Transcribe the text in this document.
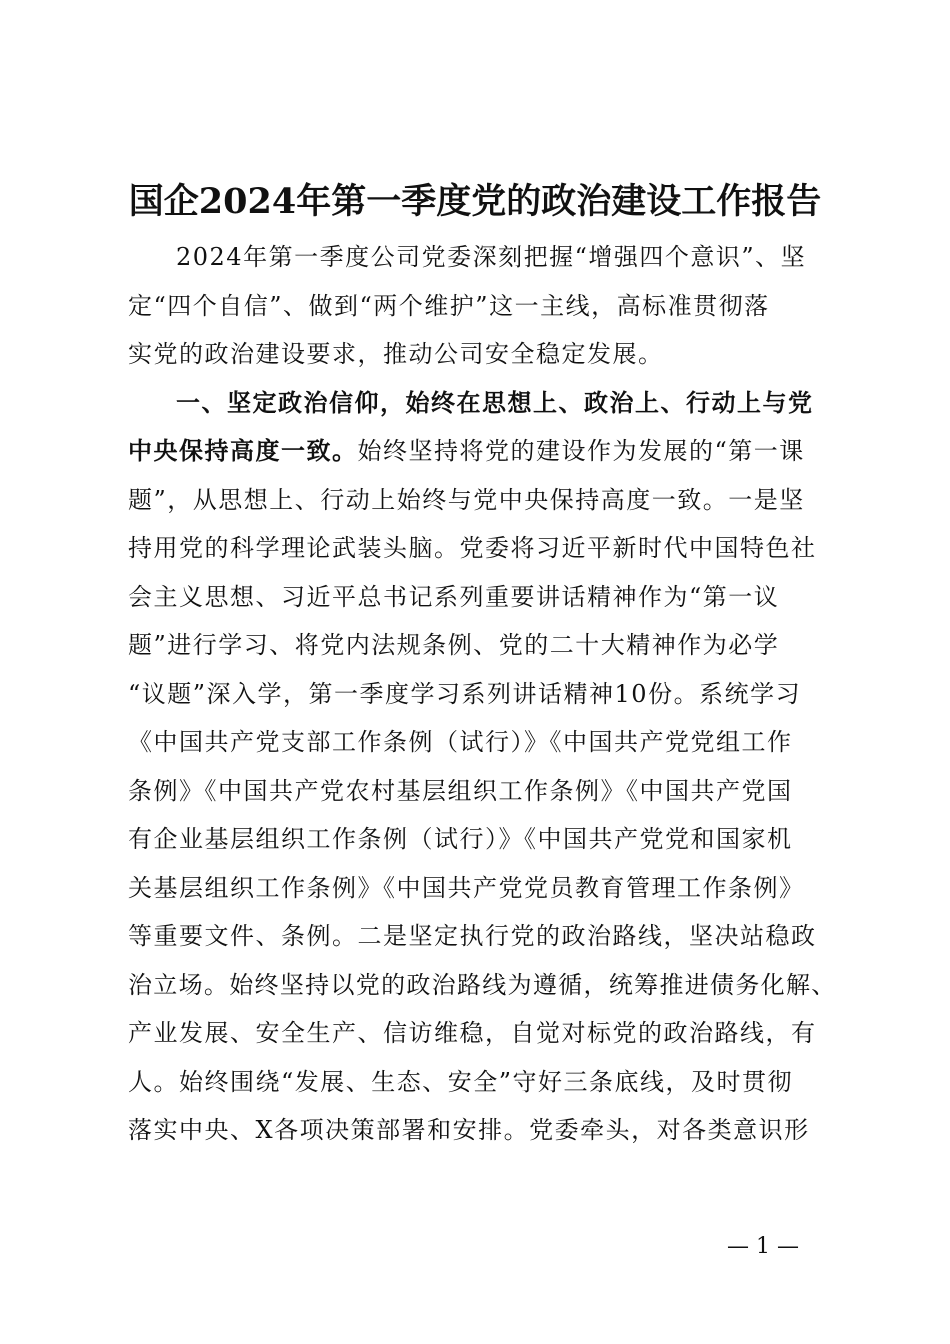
国企2024年第一季度党的政治建设工作报告
2024年第一季度公司党委深刻把握“增强四个意识”、坚
定“四个自信”、做到“两个维护”这一主线，高标准贯彻落
实党的政治建设要求，推动公司安全稳定发展。
一、坚定政治信仰，始终在思想上、政治上、行动上与党
中央保持高度一致。始终坚持将党的建设作为发展的“第一课
题”，从思想上、行动上始终与党中央保持高度一致。一是坚
持用党的科学理论武装头脑。党委将习近平新时代中国特色社
会主义思想、习近平总书记系列重要讲话精神作为“第一议
题”进行学习、将党内法规条例、党的二十大精神作为必学
“议题”深入学，第一季度学习系列讲话精神10份。系统学习
《中国共产党支部工作条例（试行）》《中国共产党党组工作
条例》《中国共产党农村基层组织工作条例》《中国共产党国
有企业基层组织工作条例（试行）》《中国共产党党和国家机
关基层组织工作条例》《中国共产党党员教育管理工作条例》
等重要文件、条例。二是坚定执行党的政治路线，坚决站稳政
治立场。始终坚持以党的政治路线为遵循，统筹推进债务化解、
产业发展、安全生产、信访维稳，自觉对标党的政治路线，有
人。始终围绕“发展、生态、安全”守好三条底线，及时贯彻
落实中央、X各项决策部署和安排。党委牵头，对各类意识形
— 1 —
